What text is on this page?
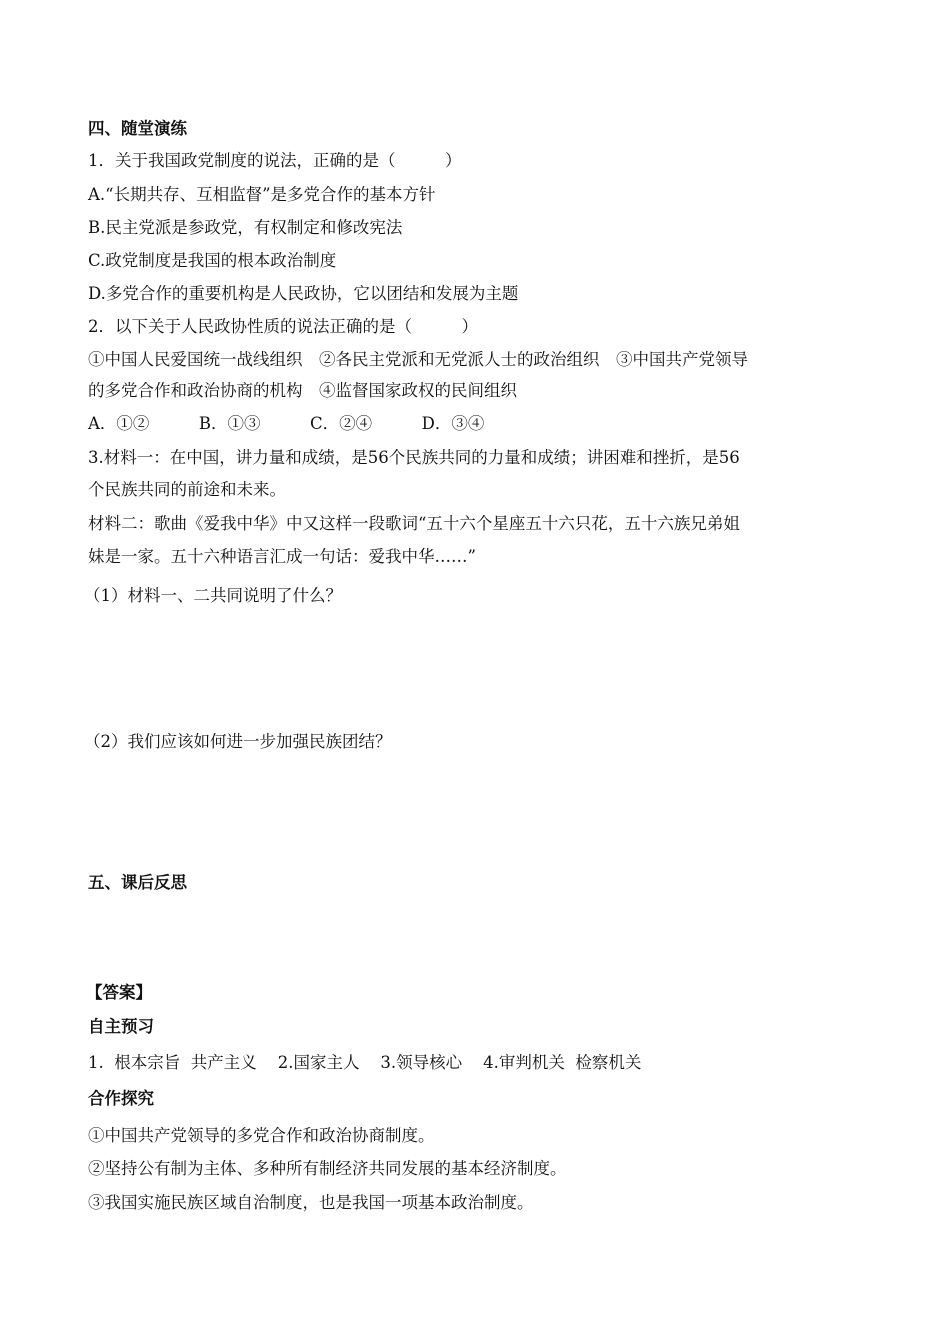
四、随堂演练
1．关于我国政党制度的说法，正确的是（　　　）
A.“长期共存、互相监督”是多党合作的基本方针
B.民主党派是参政党，有权制定和修改宪法
C.政党制度是我国的根本政治制度
D.多党合作的重要机构是人民政协，它以团结和发展为主题
2．以下关于人民政协性质的说法正确的是（　　　）
①中国人民爱国统一战线组织　②各民主党派和无党派人士的政治组织　③中国共产党领导
的多党合作和政治协商的机构　④监督国家政权的民间组织
A．①②　　　B．①③　　　C．②④　　　D．③④
3.材料一：在中国，讲力量和成绩，是56个民族共同的力量和成绩；讲困难和挫折，是56
个民族共同的前途和未来。
材料二：歌曲《爱我中华》中又这样一段歌词“五十六个星座五十六只花，五十六族兄弟姐
妹是一家。五十六种语言汇成一句话：爱我中华……”
（1）材料一、二共同说明了什么？
（2）我们应该如何进一步加强民族团结？
五、课后反思
【答案】
自主预习
1.  根本宗旨  共产主义    2.国家主人    3.领导核心    4.审判机关  检察机关
合作探究
①中国共产党领导的多党合作和政治协商制度。
②坚持公有制为主体、多种所有制经济共同发展的基本经济制度。
③我国实施民族区域自治制度，也是我国一项基本政治制度。
